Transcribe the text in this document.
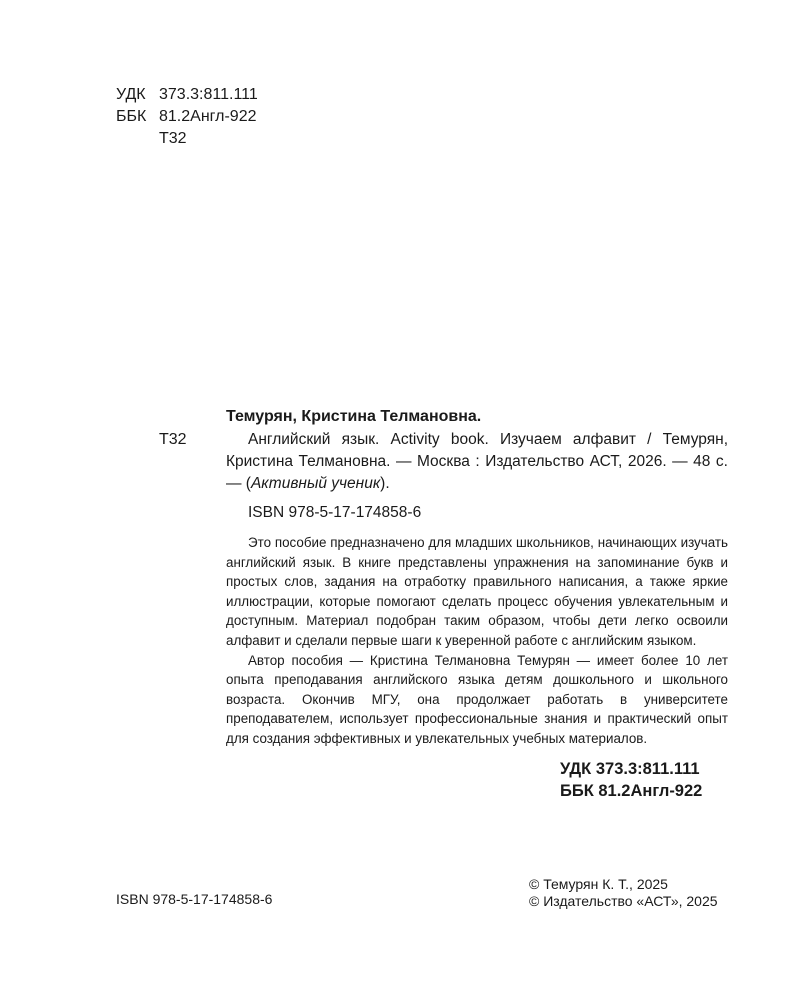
УДК 373.3:811.111
ББК 81.2Англ-922
Т32
Темурян, Кристина Телмановна.
Т32	Английский язык. Activity book. Изучаем алфавит / Темурян, Кристина Телмановна. — Москва : Издательство АСТ, 2026. — 48 с. — (Активный ученик).
ISBN 978-5-17-174858-6

Это пособие предназначено для младших школьников, начинающих изучать английский язык. В книге представлены упражнения на запоминание букв и простых слов, задания на отработку правильного написания, а также яркие иллюстрации, которые помогают сделать процесс обучения увлекательным и доступным. Материал подобран таким образом, чтобы дети легко освоили алфавит и сделали первые шаги к уверенной работе с английским языком.

Автор пособия — Кристина Телмановна Темурян — имеет более 10 лет опыта преподавания английского языка детям дошкольного и школьного возраста. Окончив МГУ, она продолжает работать в университете преподавателем, использует профессиональные знания и практический опыт для создания эффективных и увлекательных учебных материалов.

УДК 373.3:811.111
ББК 81.2Англ-922
ISBN 978-5-17-174858-6
© Темурян К. Т., 2025
© Издательство «АСТ», 2025
